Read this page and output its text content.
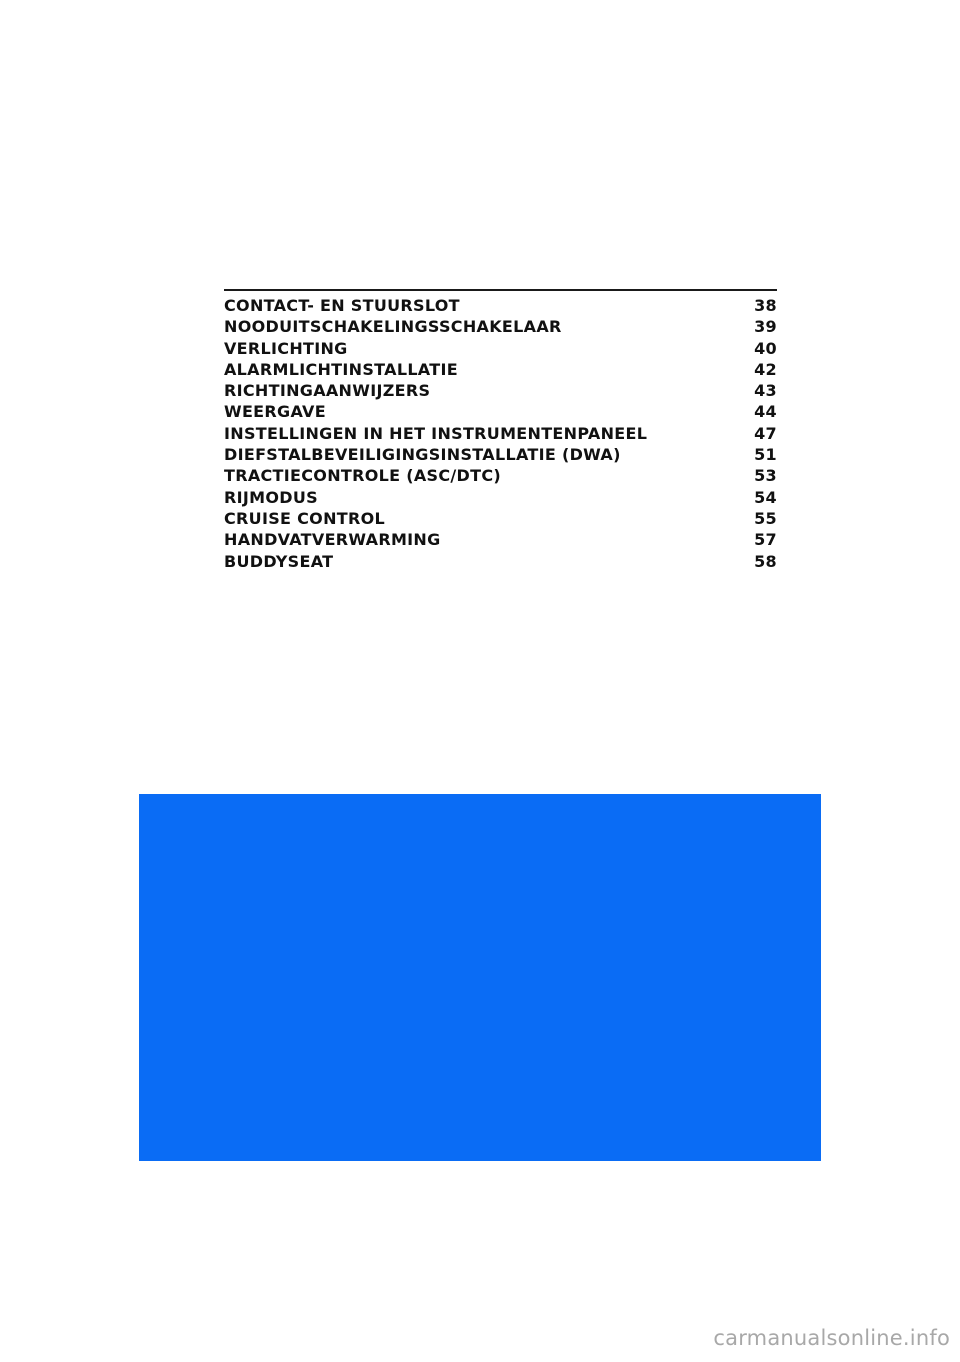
CONTACT- EN STUURSLOT	38
NOODUITSCHAKELINGSSCHAKELAAR	39
VERLICHTING	40
ALARMLICHTINSTALLATIE	42
RICHTINGAANWIJZERS	43
WEERGAVE	44
INSTELLINGEN IN HET INSTRUMENTENPANEEL	47
DIEFSTALBEVEILIGINGSINSTALLATIE (DWA)	51
TRACTIECONTROLE (ASC/DTC)	53
RIJMODUS	54
CRUISE CONTROL	55
HANDVATVERWARMING	57
BUDDYSEAT	58
carmanualsonline.info
